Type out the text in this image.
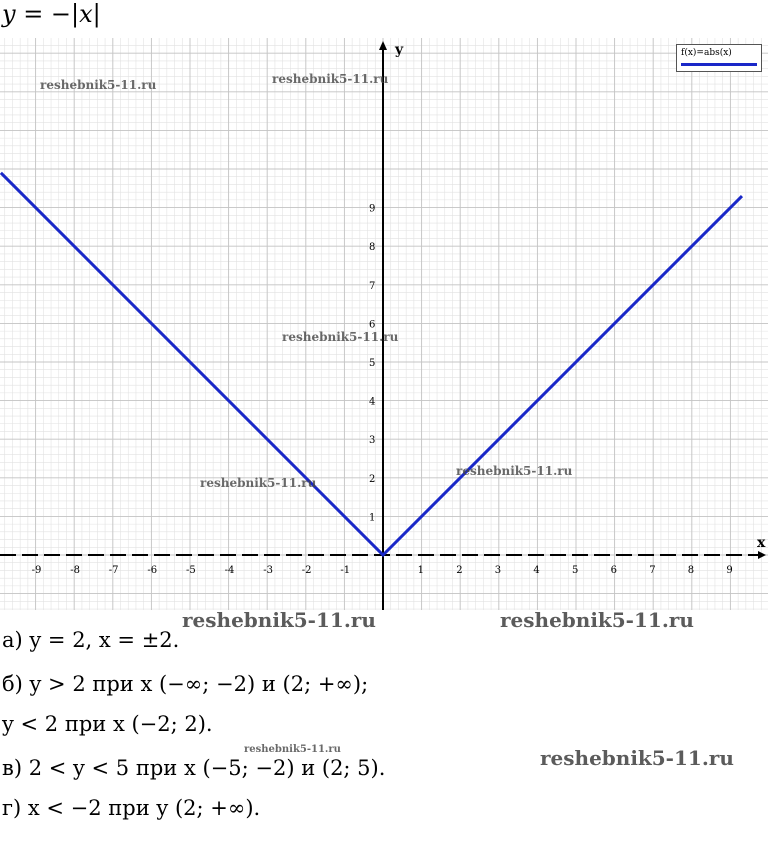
y = −|x|
x
y
-9	-8	-7	-6	-5	-4	-3	-2	-1	1	2	3	4	5	6	7	8	9
1
2
3
4
5
6
7
8
9
f(x)=abs(x)
reshebnik5-11.ru	reshebnik5-11.ru
reshebnik5-11.ru
reshebnik5-11.ru
reshebnik5-11.ru
reshebnik5-11.ru	reshebnik5-11.ru
reshebnik5-11.ru	reshebnik5-11.ru
а) y = 2, x = ±2.
б) y > 2 при x (−∞; −2) и (2; +∞);
y < 2 при x (−2; 2).
в) 2 < y < 5 при x (−5; −2) и (2; 5).
г) x < −2 при y (2; +∞).
